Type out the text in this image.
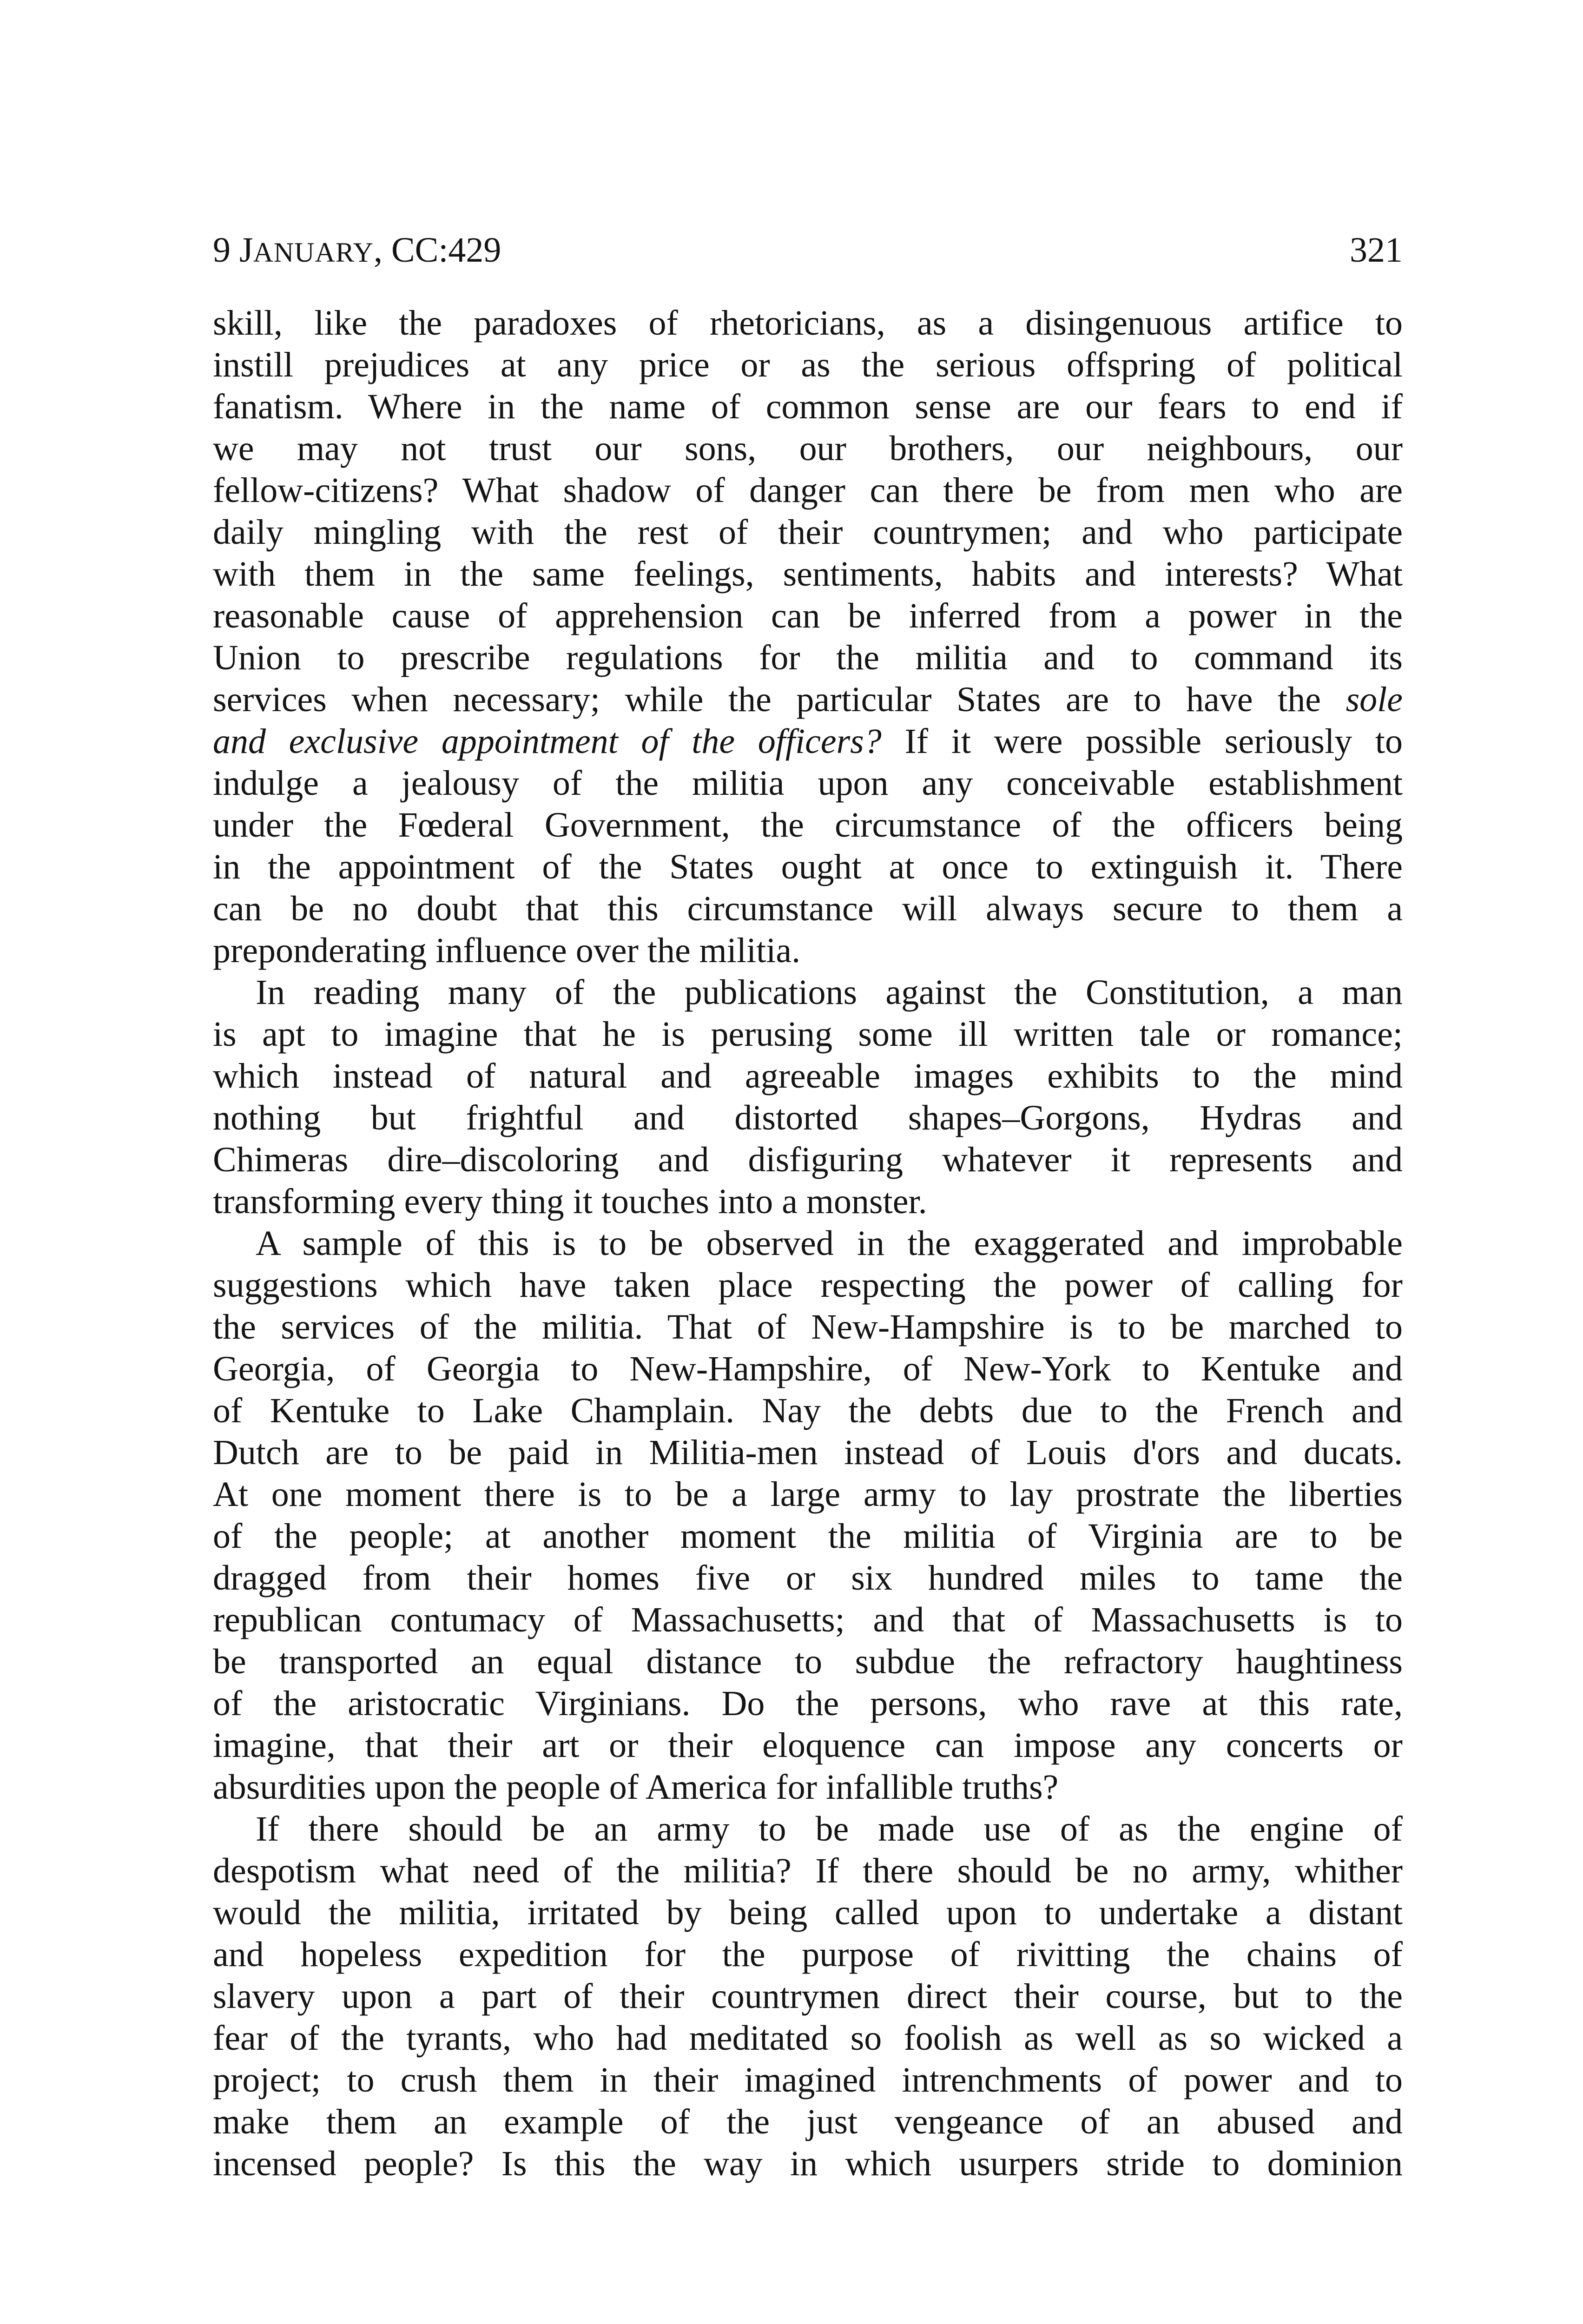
9 JANUARY, CC:429	321
skill, like the paradoxes of rhetoricians, as a disingenuous artifice to
instill prejudices at any price or as the serious offspring of political
fanatism. Where in the name of common sense are our fears to end if
we may not trust our sons, our brothers, our neighbours, our
fellow-citizens? What shadow of danger can there be from men who are
daily mingling with the rest of their countrymen; and who participate
with them in the same feelings, sentiments, habits and interests? What
reasonable cause of apprehension can be inferred from a power in the
Union to prescribe regulations for the militia and to command its
services when necessary; while the particular States are to have the sole
and exclusive appointment of the officers? If it were possible seriously to
indulge a jealousy of the militia upon any conceivable establishment
under the Fœderal Government, the circumstance of the officers being
in the appointment of the States ought at once to extinguish it. There
can be no doubt that this circumstance will always secure to them a
preponderating influence over the militia.
In reading many of the publications against the Constitution, a man
is apt to imagine that he is perusing some ill written tale or romance;
which instead of natural and agreeable images exhibits to the mind
nothing but frightful and distorted shapes–Gorgons, Hydras and
Chimeras dire–discoloring and disfiguring whatever it represents and
transforming every thing it touches into a monster.
A sample of this is to be observed in the exaggerated and improbable
suggestions which have taken place respecting the power of calling for
the services of the militia. That of New-Hampshire is to be marched to
Georgia, of Georgia to New-Hampshire, of New-York to Kentuke and
of Kentuke to Lake Champlain. Nay the debts due to the French and
Dutch are to be paid in Militia-men instead of Louis d'ors and ducats.
At one moment there is to be a large army to lay prostrate the liberties
of the people; at another moment the militia of Virginia are to be
dragged from their homes five or six hundred miles to tame the
republican contumacy of Massachusetts; and that of Massachusetts is to
be transported an equal distance to subdue the refractory haughtiness
of the aristocratic Virginians. Do the persons, who rave at this rate,
imagine, that their art or their eloquence can impose any concerts or
absurdities upon the people of America for infallible truths?
If there should be an army to be made use of as the engine of
despotism what need of the militia? If there should be no army, whither
would the militia, irritated by being called upon to undertake a distant
and hopeless expedition for the purpose of rivitting the chains of
slavery upon a part of their countrymen direct their course, but to the
fear of the tyrants, who had meditated so foolish as well as so wicked a
project; to crush them in their imagined intrenchments of power and to
make them an example of the just vengeance of an abused and
incensed people? Is this the way in which usurpers stride to dominion
